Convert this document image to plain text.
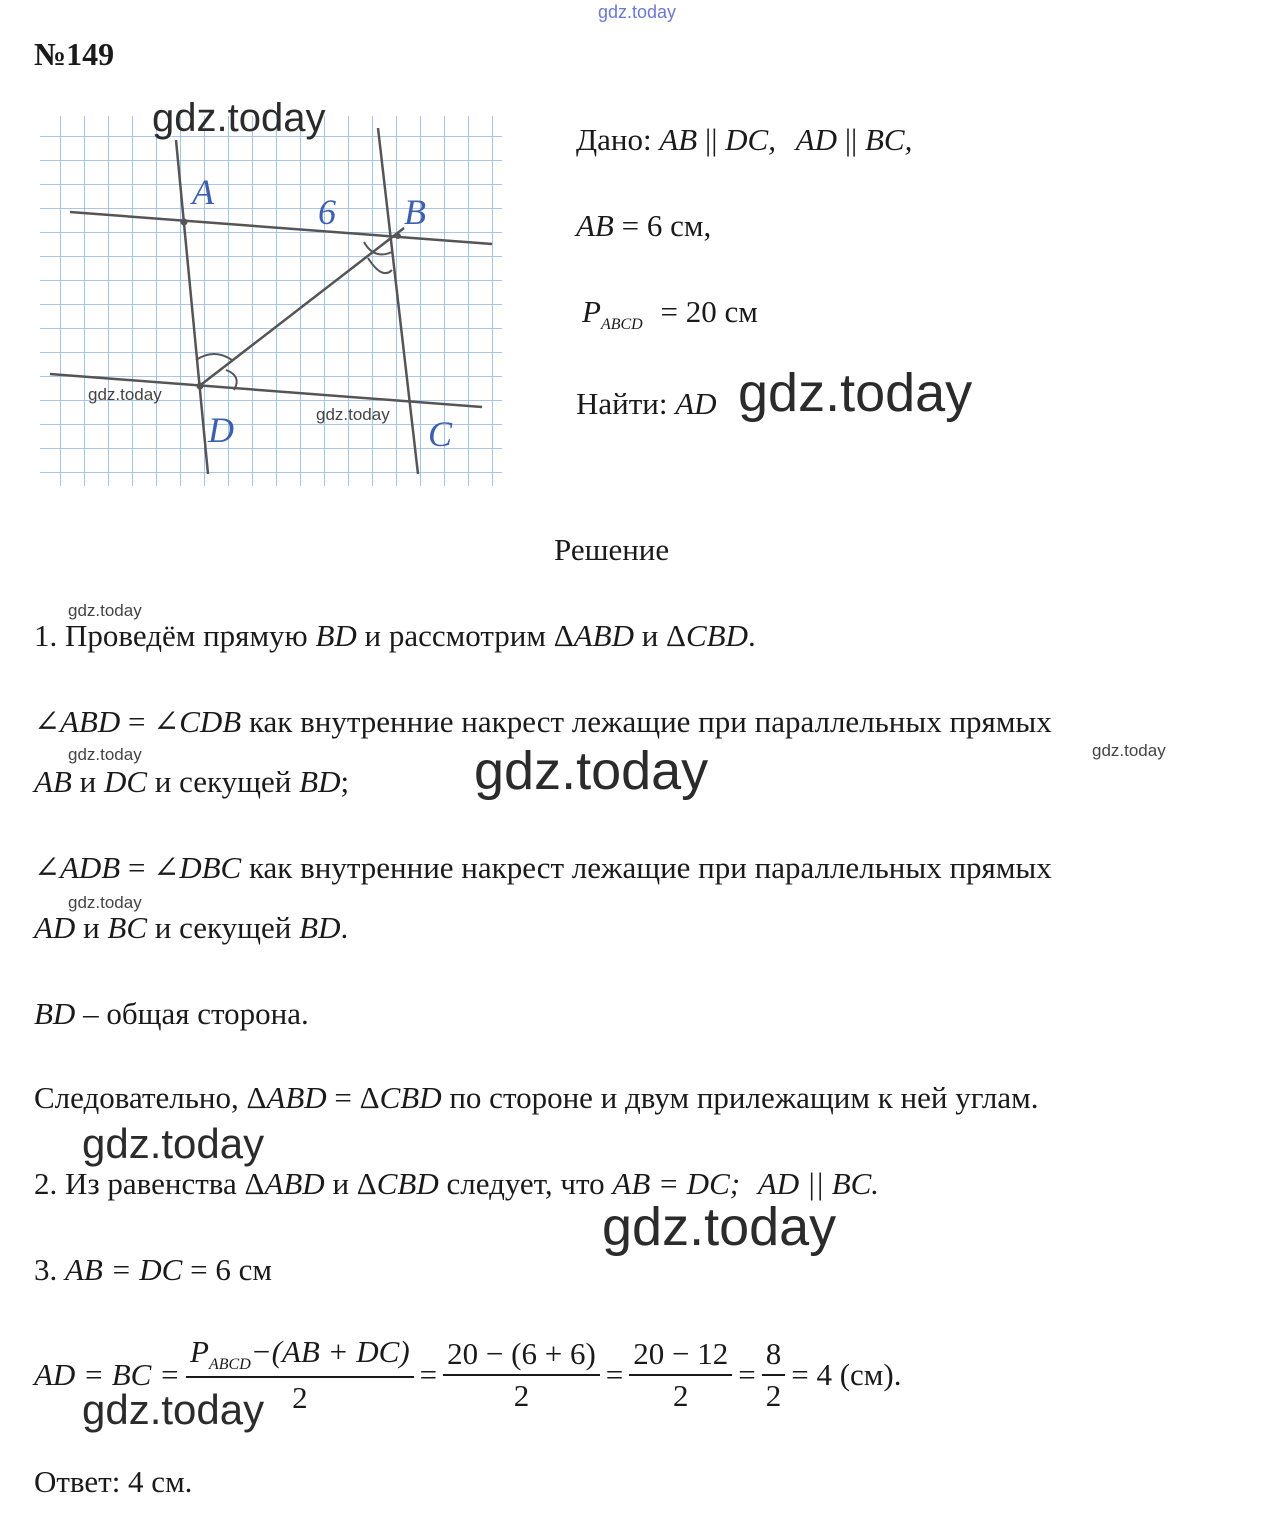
gdz.today
№149
A	B
6
D	C
gdz.today
gdz.today
gdz.today
Дано: AB || DC, AD || BC,
AB = 6 см,
$P_{ABCD} = 20$ см
Найти: AD gdz.today
Решение
gdz.today
1. Проведём прямую BD и рассмотрим ΔABD и ΔCBD.
∠ABD = ∠CDB как внутренние накрест лежащие при параллельных прямых
gdz.today	gdz.today
AB и DC и секущей BD; gdz.today
∠ADB = ∠DBC как внутренние накрест лежащие при параллельных прямых
gdz.today
AD и BC и секущей BD.
BD – общая сторона.
Следовательно, ΔABD = ΔCBD по стороне и двум прилежащим к ней углам.
gdz.today
2. Из равенства ΔABD и ΔCBD следует, что AB = DC; AD || BC.
gdz.today
3. AB = DC = 6 см
AD = BC = $\frac{P_{ABCD}-(AB + DC)}{2} = \frac{20 - (6 + 6)}{2} = \frac{20 - 12}{2} = \frac{8}{2} = 4$ (см).
gdz.today
Ответ: 4 см.
